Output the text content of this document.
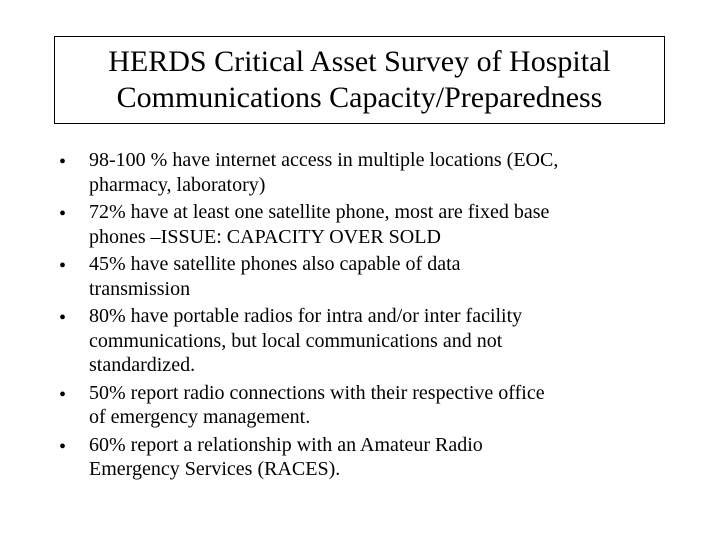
HERDS Critical Asset Survey of Hospital
Communications Capacity/Preparedness
• 98-100 % have internet access in multiple locations (EOC,
pharmacy, laboratory)
• 72% have at least one satellite phone, most are fixed base
phones –ISSUE: CAPACITY OVER SOLD
• 45% have satellite phones also capable of data
transmission
• 80% have portable radios for intra and/or inter facility
communications, but local communications and not
standardized.
• 50% report radio connections with their respective office
of emergency management.
• 60% report a relationship with an Amateur Radio
Emergency Services (RACES).
